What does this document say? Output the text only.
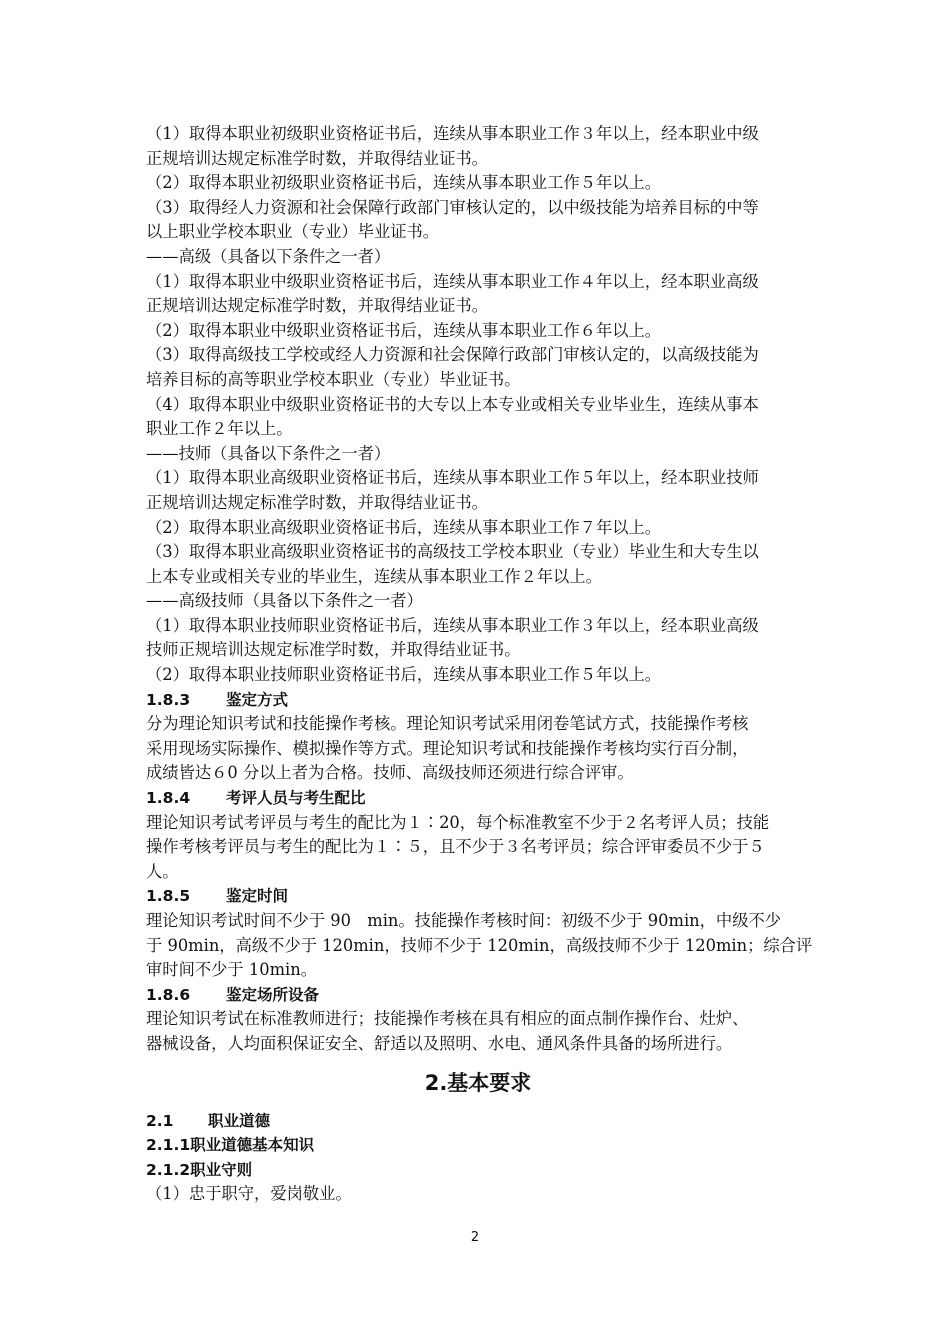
（1）取得本职业初级职业资格证书后，连续从事本职业工作３年以上，经本职业中级
正规培训达规定标准学时数，并取得结业证书。
（2）取得本职业初级职业资格证书后，连续从事本职业工作５年以上。
（3）取得经人力资源和社会保障行政部门审核认定的，以中级技能为培养目标的中等
以上职业学校本职业（专业）毕业证书。
——高级（具备以下条件之一者）
（1）取得本职业中级职业资格证书后，连续从事本职业工作４年以上，经本职业高级
正规培训达规定标准学时数，并取得结业证书。
（2）取得本职业中级职业资格证书后，连续从事本职业工作６年以上。
（3）取得高级技工学校或经人力资源和社会保障行政部门审核认定的，以高级技能为
培养目标的高等职业学校本职业（专业）毕业证书。
（4）取得本职业中级职业资格证书的大专以上本专业或相关专业毕业生，连续从事本
职业工作２年以上。
——技师（具备以下条件之一者）
（1）取得本职业高级职业资格证书后，连续从事本职业工作５年以上，经本职业技师
正规培训达规定标准学时数，并取得结业证书。
（2）取得本职业高级职业资格证书后，连续从事本职业工作７年以上。
（3）取得本职业高级职业资格证书的高级技工学校本职业（专业）毕业生和大专生以
上本专业或相关专业的毕业生，连续从事本职业工作２年以上。
——高级技师（具备以下条件之一者）
（1）取得本职业技师职业资格证书后，连续从事本职业工作３年以上，经本职业高级
技师正规培训达规定标准学时数，并取得结业证书。
（2）取得本职业技师职业资格证书后，连续从事本职业工作５年以上。
1.8.3 鉴定方式
分为理论知识考试和技能操作考核。理论知识考试采用闭卷笔试方式，技能操作考核
采用现场实际操作、模拟操作等方式。理论知识考试和技能操作考核均实行百分制，
成绩皆达６0 分以上者为合格。技师、高级技师还须进行综合评审。
1.8.4 考评人员与考生配比
理论知识考试考评员与考生的配比为１∶20，每个标准教室不少于２名考评人员；技能
操作考核考评员与考生的配比为１∶５，且不少于３名考评员；综合评审委员不少于５
人。
1.8.5 鉴定时间
理论知识考试时间不少于 90　min。技能操作考核时间：初级不少于 90min，中级不少
于 90min，高级不少于 120min，技师不少于 120min，高级技师不少于 120min；综合评
审时间不少于 10min。
1.8.6 鉴定场所设备
理论知识考试在标准教师进行；技能操作考核在具有相应的面点制作操作台、灶炉、
器械设备，人均面积保证安全、舒适以及照明、水电、通风条件具备的场所进行。
2.基本要求
2.1 职业道德
2.1.1职业道德基本知识
2.1.2职业守则
（1）忠于职守，爱岗敬业。
2
